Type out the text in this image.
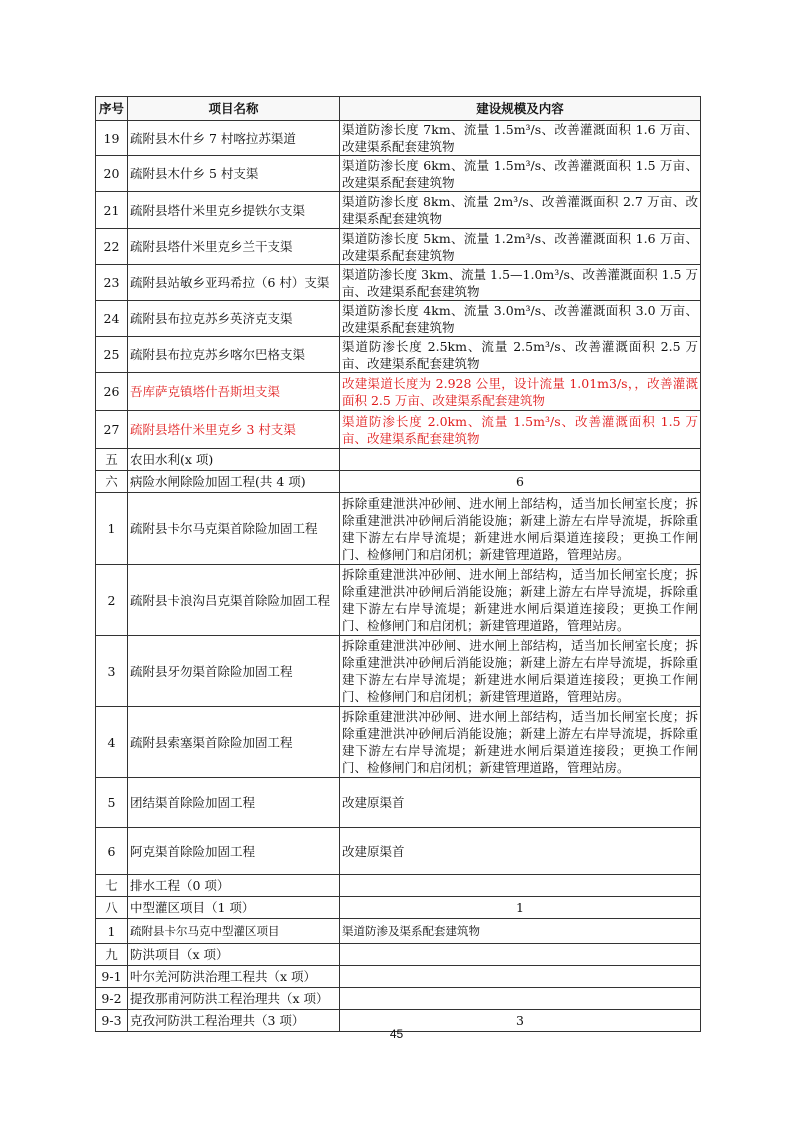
序号	项目名称	建设规模及内容
19	疏附县木什乡 7 村喀拉苏渠道	渠道防渗长度 7km、流量 1.5m³/s、改善灌溉面积 1.6 万亩、改建渠系配套建筑物
20	疏附县木什乡 5 村支渠	渠道防渗长度 6km、流量 1.5m³/s、改善灌溉面积 1.5 万亩、改建渠系配套建筑物
21	疏附县塔什米里克乡提铁尔支渠	渠道防渗长度 8km、流量 2m³/s、改善灌溉面积 2.7 万亩、改建渠系配套建筑物
22	疏附县塔什米里克乡兰干支渠	渠道防渗长度 5km、流量 1.2m³/s、改善灌溉面积 1.6 万亩、改建渠系配套建筑物
23	疏附县站敏乡亚玛希拉（6 村）支渠	渠道防渗长度 3km、流量 1.5—1.0m³/s、改善灌溉面积 1.5 万亩、改建渠系配套建筑物
24	疏附县布拉克苏乡英济克支渠	渠道防渗长度 4km、流量 3.0m³/s、改善灌溉面积 3.0 万亩、改建渠系配套建筑物
25	疏附县布拉克苏乡喀尔巴格支渠	渠道防渗长度 2.5km、流量 2.5m³/s、改善灌溉面积 2.5 万亩、改建渠系配套建筑物
26	吾库萨克镇塔什吾斯坦支渠	改建渠道长度为 2.928 公里，设计流量 1.01m3/s，，改善灌溉面积 2.5 万亩、改建渠系配套建筑物
27	疏附县塔什米里克乡 3 村支渠	渠道防渗长度 2.0km、流量 1.5m³/s、改善灌溉面积 1.5 万亩、改建渠系配套建筑物
五	农田水利(x 项)	
六	病险水闸除险加固工程(共 4 项)	6
1	疏附县卡尔马克渠首除险加固工程	拆除重建泄洪冲砂闸、进水闸上部结构，适当加长闸室长度；拆除重建泄洪冲砂闸后消能设施；新建上游左右岸导流堤，拆除重建下游左右岸导流堤；新建进水闸后渠道连接段；更换工作闸门、检修闸门和启闭机；新建管理道路，管理站房。
2	疏附县卡浪沟吕克渠首除险加固工程	拆除重建泄洪冲砂闸、进水闸上部结构，适当加长闸室长度；拆除重建泄洪冲砂闸后消能设施；新建上游左右岸导流堤，拆除重建下游左右岸导流堤；新建进水闸后渠道连接段；更换工作闸门、检修闸门和启闭机；新建管理道路，管理站房。
3	疏附县牙勿渠首除险加固工程	拆除重建泄洪冲砂闸、进水闸上部结构，适当加长闸室长度；拆除重建泄洪冲砂闸后消能设施；新建上游左右岸导流堤，拆除重建下游左右岸导流堤；新建进水闸后渠道连接段；更换工作闸门、检修闸门和启闭机；新建管理道路，管理站房。
4	疏附县索塞渠首除险加固工程	拆除重建泄洪冲砂闸、进水闸上部结构，适当加长闸室长度；拆除重建泄洪冲砂闸后消能设施；新建上游左右岸导流堤，拆除重建下游左右岸导流堤；新建进水闸后渠道连接段；更换工作闸门、检修闸门和启闭机；新建管理道路，管理站房。
5	团结渠首除险加固工程	改建原渠首
6	阿克渠首除险加固工程	改建原渠首
七	排水工程（0 项）	
八	中型灌区项目（1 项）	1
1	疏附县卡尔马克中型灌区项目	渠道防渗及渠系配套建筑物
九	防洪项目（x 项）	
9-1	叶尔羌河防洪治理工程共（x 项）	
9-2	提孜那甫河防洪工程治理共（x 项）	
9-3	克孜河防洪工程治理共（3 项）	3
45
